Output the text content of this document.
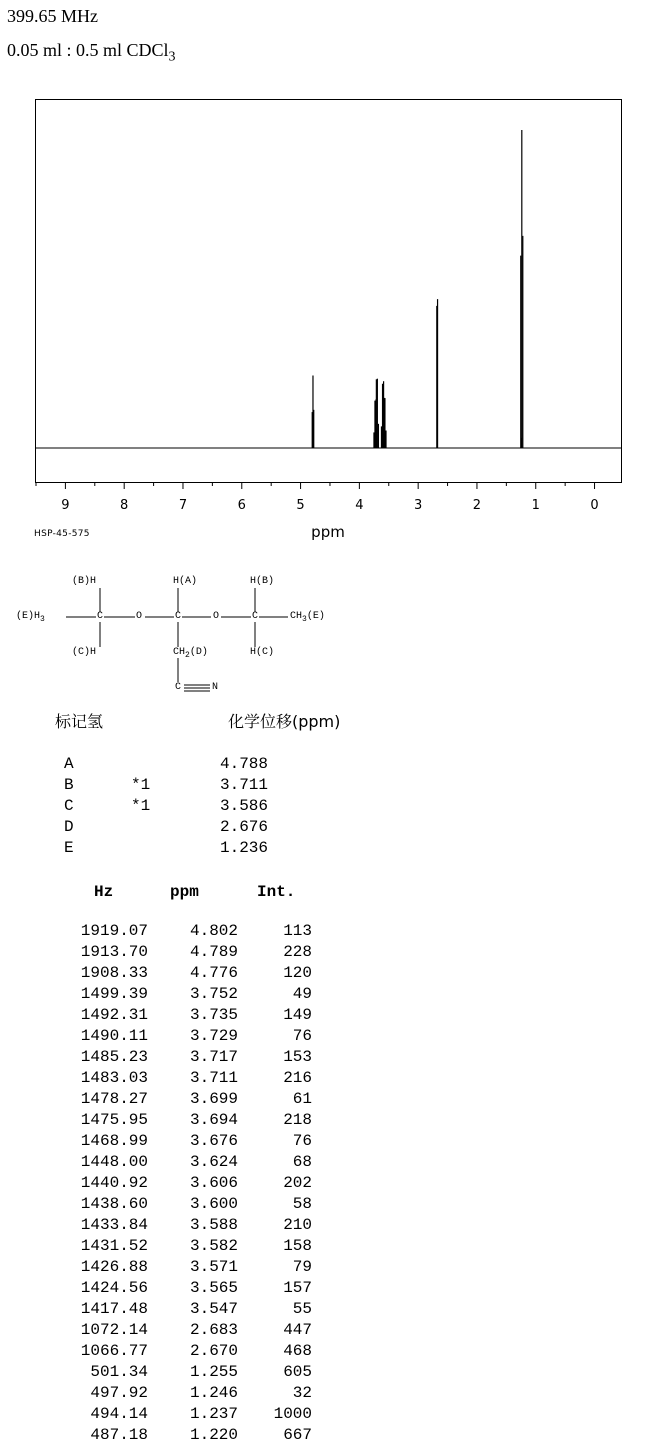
399.65 MHz
0.05 ml : 0.5 ml CDCl$_3$
9	8	7	6	5	4	3	2	1	0
ppm
HSP-45-575
(B)H	H(A)	H(B)
$(E)H_3$	C	O	C	O	C	$CH_3(E)$
(C)H	$CH_2(D)$	H(C)
C	N
标记氢	化学位移(ppm)
A	4.788
B	*1	3.711
C	*1	3.586
D	2.676
E	1.236
Hz	ppm	Int.
1919.07	4.802	113
1913.70	4.789	228
1908.33	4.776	120
1499.39	3.752	49
1492.31	3.735	149
1490.11	3.729	76
1485.23	3.717	153
1483.03	3.711	216
1478.27	3.699	61
1475.95	3.694	218
1468.99	3.676	76
1448.00	3.624	68
1440.92	3.606	202
1438.60	3.600	58
1433.84	3.588	210
1431.52	3.582	158
1426.88	3.571	79
1424.56	3.565	157
1417.48	3.547	55
1072.14	2.683	447
1066.77	2.670	468
501.34	1.255	605
497.92	1.246	32
494.14	1.237	1000
487.18	1.220	667
